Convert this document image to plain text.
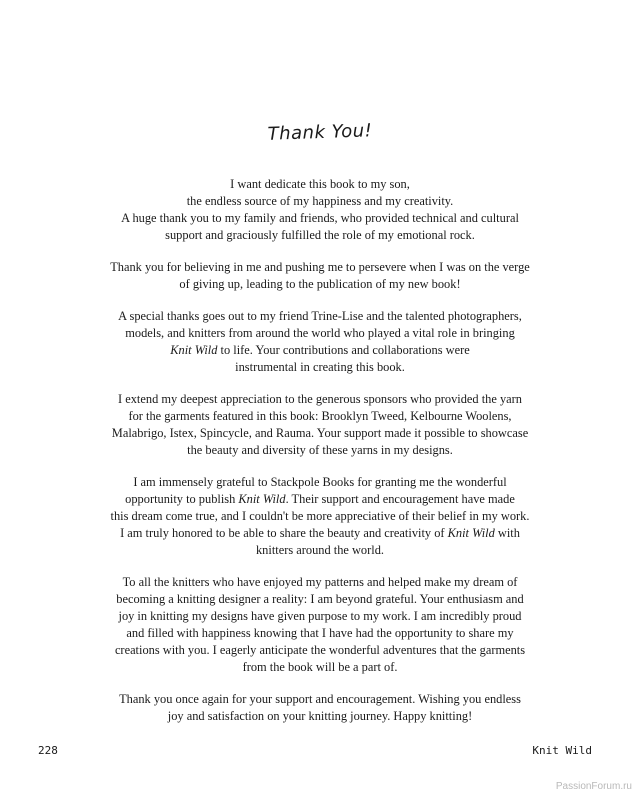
Thank You!

I want dedicate this book to my son,
the endless source of my happiness and my creativity.
A huge thank you to my family and friends, who provided technical and cultural
support and graciously fulfilled the role of my emotional rock.

Thank you for believing in me and pushing me to persevere when I was on the verge
of giving up, leading to the publication of my new book!

A special thanks goes out to my friend Trine-Lise and the talented photographers,
models, and knitters from around the world who played a vital role in bringing
Knit Wild to life. Your contributions and collaborations were
instrumental in creating this book.

I extend my deepest appreciation to the generous sponsors who provided the yarn
for the garments featured in this book: Brooklyn Tweed, Kelbourne Woolens,
Malabrigo, Istex, Spincycle, and Rauma. Your support made it possible to showcase
the beauty and diversity of these yarns in my designs.

I am immensely grateful to Stackpole Books for granting me the wonderful
opportunity to publish Knit Wild. Their support and encouragement have made
this dream come true, and I couldn't be more appreciative of their belief in my work.
I am truly honored to be able to share the beauty and creativity of Knit Wild with
knitters around the world.

To all the knitters who have enjoyed my patterns and helped make my dream of
becoming a knitting designer a reality: I am beyond grateful. Your enthusiasm and
joy in knitting my designs have given purpose to my work. I am incredibly proud
and filled with happiness knowing that I have had the opportunity to share my
creations with you. I eagerly anticipate the wonderful adventures that the garments
from the book will be a part of.

Thank you once again for your support and encouragement. Wishing you endless
joy and satisfaction on your knitting journey. Happy knitting!

228	Knit Wild
PassionForum.ru
